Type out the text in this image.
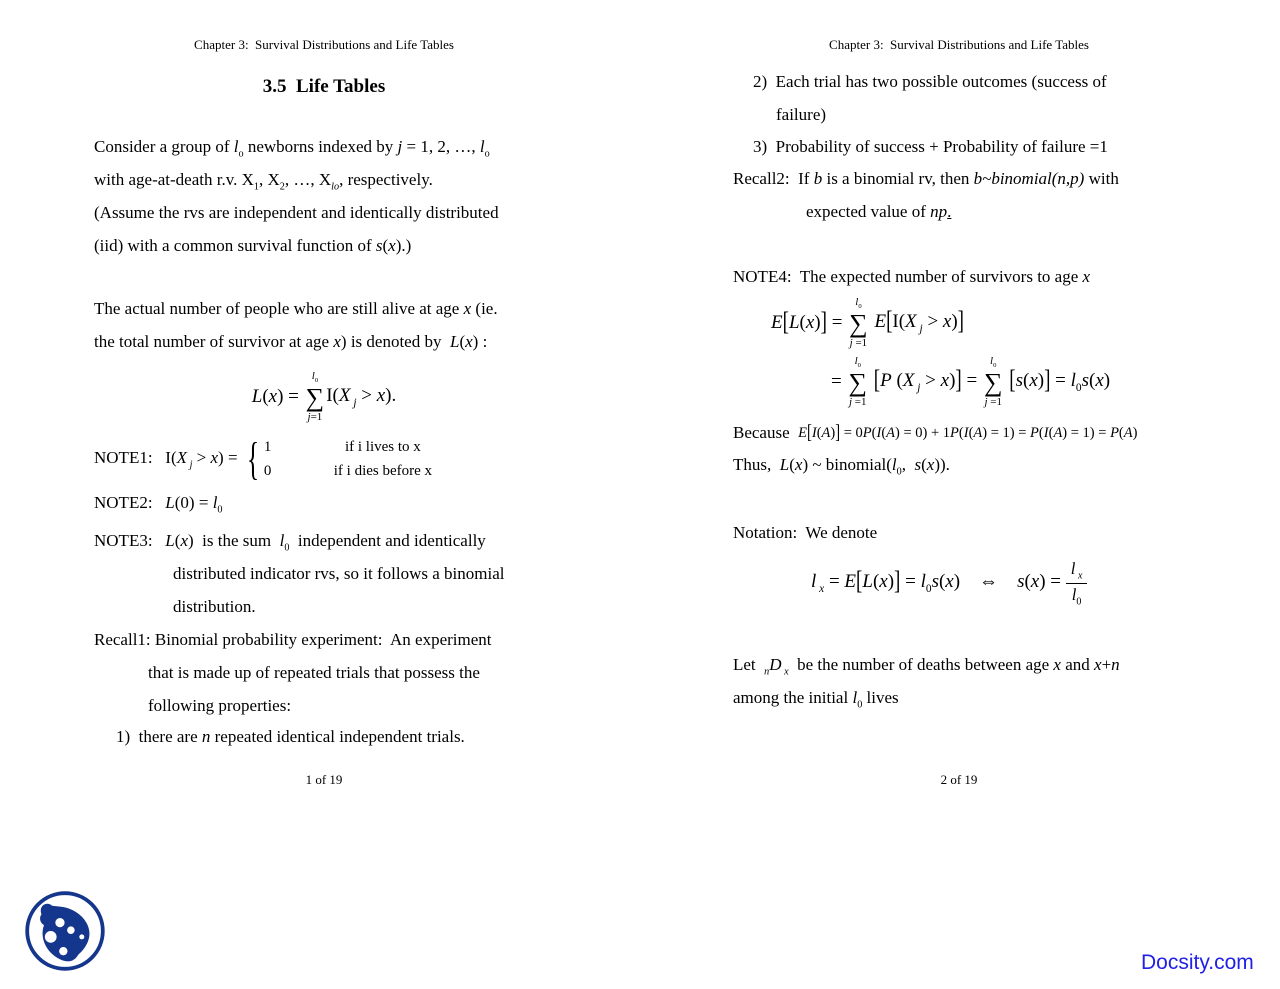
Chapter 3:  Survival Distributions and Life Tables
3.5  Life Tables
Consider a group of $l_o$ newborns indexed by j = 1, 2, …, $l_o$
with age-at-death r.v. $X_1$, $X_2$, …, $X_{lo}$, respectively.
(Assume the rvs are independent and identically distributed
(iid) with a common survival function of s(x).)
The actual number of people who are still alive at age x (ie.
the total number of survivor at age x) is denoted by  L(x) :
L(x) =
$l_0$
∑
j=1
I(X $_j$ > x).
NOTE1:   I(X $_j$ > x) = { 1	if i lives to x
0	if i dies before x
NOTE2:   $L(0) = l_0$
NOTE3:   L(x)  is the sum  $l_0$  independent and identically
distributed indicator rvs, so it follows a binomial
distribution.
Recall1: Binomial probability experiment:  An experiment
that is made up of repeated trials that possess the
following properties:
1)  there are n repeated identical independent trials.
1 of 19
Chapter 3:  Survival Distributions and Life Tables
2)  Each trial has two possible outcomes (success of
failure)
3)  Probability of success + Probability of failure =1
Recall2:  If b is a binomial rv, then b~binomial(n,p) with
expected value of np.
NOTE4:  The expected number of survivors to age x
E[L(x)] =
$l_0$
∑
j =1
E[I(X $_j$ > x)]
=
$l_0$
∑
j =1
[P (X $_j$ > x)] =
$l_0$
∑
j =1
$[s(x)] = l_0s(x)$
Because E[I(A)] = 0P(I(A) = 0) + 1P(I(A) = 1) = P(I(A) = 1) = P(A)
Thus,  L(x) ~ $binomial(l_0$,  s(x)).
Notation:  We denote
l $_x = E[L(x)] = l_0s(x)$    ⇔    $s(x) = \frac{l _x}{l_0}$
Let  $_n$D $_x$  be the number of deaths between age x and x+n
among the initial $l_0$ lives
2 of 19
Docsity.com
